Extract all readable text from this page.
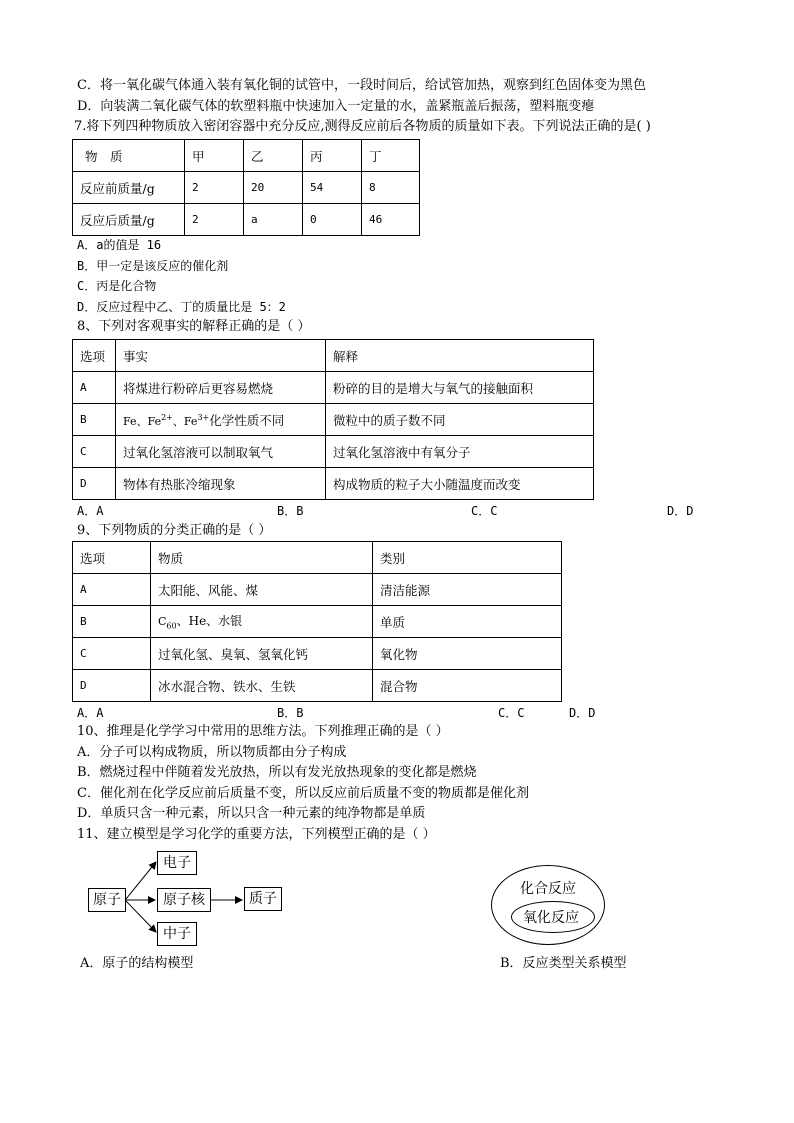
C．将一氧化碳气体通入装有氧化铜的试管中，一段时间后，给试管加热，观察到红色固体变为黑色
D．向装满二氧化碳气体的软塑料瓶中快速加入一定量的水，盖紧瓶盖后振荡，塑料瓶变瘪
7.将下列四种物质放入密闭容器中充分反应,测得反应前后各物质的质量如下表。下列说法正确的是( )
物　质	甲	乙	丙	丁
反应前质量/g	2	20	54	8
反应后质量/g	2	a	0	46
A．a的值是 16
B．甲一定是该反应的催化剂
C．丙是化合物
D．反应过程中乙、丁的质量比是 5：2
8、下列对客观事实的解释正确的是（ ）
选项	事实	解释
A	将煤进行粉碎后更容易燃烧	粉碎的目的是增大与氧气的接触面积
B	Fe、$Fe^{2+}$、$Fe^{3+}$化学性质不同	微粒中的质子数不同
C	过氧化氢溶液可以制取氧气	过氧化氢溶液中有氧分子
D	物体有热胀冷缩现象	构成物质的粒子大小随温度而改变
A．A	B．B	C．C	D．D
9、下列物质的分类正确的是（ ）
选项	物质	类别
A	太阳能、风能、煤	清洁能源
B	$C_{60}$、He、水银	单质
C	过氧化氢、臭氧、氢氧化钙	氧化物
D	冰水混合物、铁水、生铁	混合物
A．A	B．B	C．C	D．D
10、推理是化学学习中常用的思维方法。下列推理正确的是（ ）
A．分子可以构成物质，所以物质都由分子构成
B．燃烧过程中伴随着发光放热，所以有发光放热现象的变化都是燃烧
C．催化剂在化学反应前后质量不变，所以反应前后质量不变的物质都是催化剂
D．单质只含一种元素，所以只含一种元素的纯净物都是单质
11、建立模型是学习化学的重要方法，下列模型正确的是（ ）
原子
电子
原子核
中子
质子
A．原子的结构模型
化合反应
氧化反应
B．反应类型关系模型
